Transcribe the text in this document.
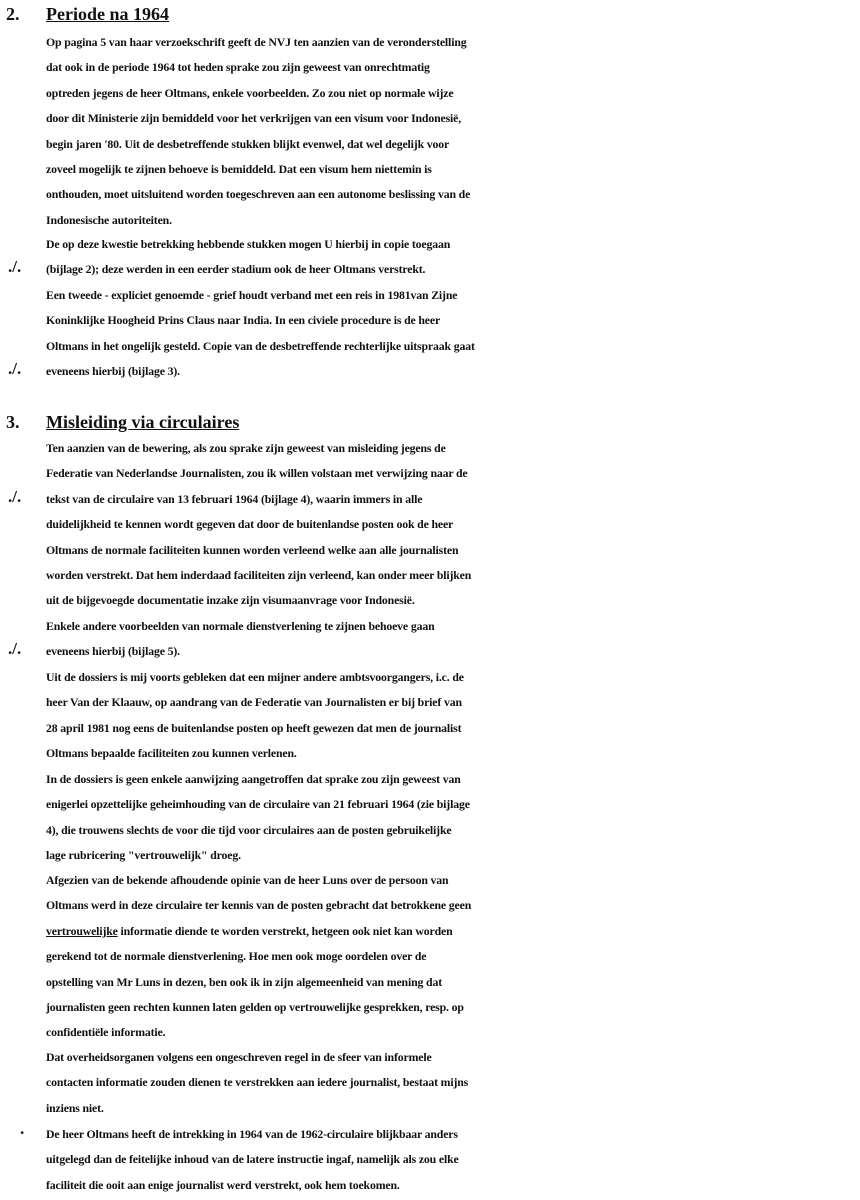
2. Periode na 1964
Op pagina 5 van haar verzoekschrift geeft de NVJ ten aanzien van de veronderstelling
dat ook in de periode 1964 tot heden sprake zou zijn geweest van onrechtmatig
optreden jegens de heer Oltmans, enkele voorbeelden. Zo zou niet op normale wijze
door dit Ministerie zijn bemiddeld voor het verkrijgen van een visum voor Indonesië,
begin jaren '80. Uit de desbetreffende stukken blijkt evenwel, dat wel degelijk voor
zoveel mogelijk te zijnen behoeve is bemiddeld. Dat een visum hem niettemin is
onthouden, moet uitsluitend worden toegeschreven aan een autonome beslissing van de
Indonesische autoriteiten.
De op deze kwestie betrekking hebbende stukken mogen U hierbij in copie toegaan
(bijlage 2); deze werden in een eerder stadium ook de heer Oltmans verstrekt.
./.
Een tweede - expliciet genoemde - grief houdt verband met een reis in 1981van Zijne
Koninklijke Hoogheid Prins Claus naar India. In een civiele procedure is de heer
Oltmans in het ongelijk gesteld. Copie van de desbetreffende rechterlijke uitspraak gaat
eveneens hierbij (bijlage 3).
./.
3. Misleiding via circulaires
Ten aanzien van de bewering, als zou sprake zijn geweest van misleiding jegens de
Federatie van Nederlandse Journalisten, zou ik willen volstaan met verwijzing naar de
tekst van de circulaire van 13 februari 1964 (bijlage 4), waarin immers in alle
duidelijkheid te kennen wordt gegeven dat door de buitenlandse posten ook de heer
Oltmans de normale faciliteiten kunnen worden verleend welke aan alle journalisten
worden verstrekt. Dat hem inderdaad faciliteiten zijn verleend, kan onder meer blijken
uit de bijgevoegde documentatie inzake zijn visumaanvrage voor Indonesië.
./.
Enkele andere voorbeelden van normale dienstverlening te zijnen behoeve gaan
eveneens hierbij (bijlage 5).
./.
Uit de dossiers is mij voorts gebleken dat een mijner andere ambtsvoorgangers, i.c. de
heer Van der Klaauw, op aandrang van de Federatie van Journalisten er bij brief van
28 april 1981 nog eens de buitenlandse posten op heeft gewezen dat men de journalist
Oltmans bepaalde faciliteiten zou kunnen verlenen.
In de dossiers is geen enkele aanwijzing aangetroffen dat sprake zou zijn geweest van
enigerlei opzettelijke geheimhouding van de circulaire van 21 februari 1964 (zie bijlage
4), die trouwens slechts de voor die tijd voor circulaires aan de posten gebruikelijke
lage rubricering "vertrouwelijk" droeg.
Afgezien van de bekende afhoudende opinie van de heer Luns over de persoon van
Oltmans werd in deze circulaire ter kennis van de posten gebracht dat betrokkene geen
vertrouwelijke informatie diende te worden verstrekt, hetgeen ook niet kan worden
gerekend tot de normale dienstverlening. Hoe men ook moge oordelen over de
opstelling van Mr Luns in dezen, ben ook ik in zijn algemeenheid van mening dat
journalisten geen rechten kunnen laten gelden op vertrouwelijke gesprekken, resp. op
confidentiële informatie.
Dat overheidsorganen volgens een ongeschreven regel in de sfeer van informele
contacten informatie zouden dienen te verstrekken aan iedere journalist, bestaat mijns
inziens niet.
. De heer Oltmans heeft de intrekking in 1964 van de 1962-circulaire blijkbaar anders
uitgelegd dan de feitelijke inhoud van de latere instructie ingaf, namelijk als zou elke
faciliteit die ooit aan enige journalist werd verstrekt, ook hem toekomen.
